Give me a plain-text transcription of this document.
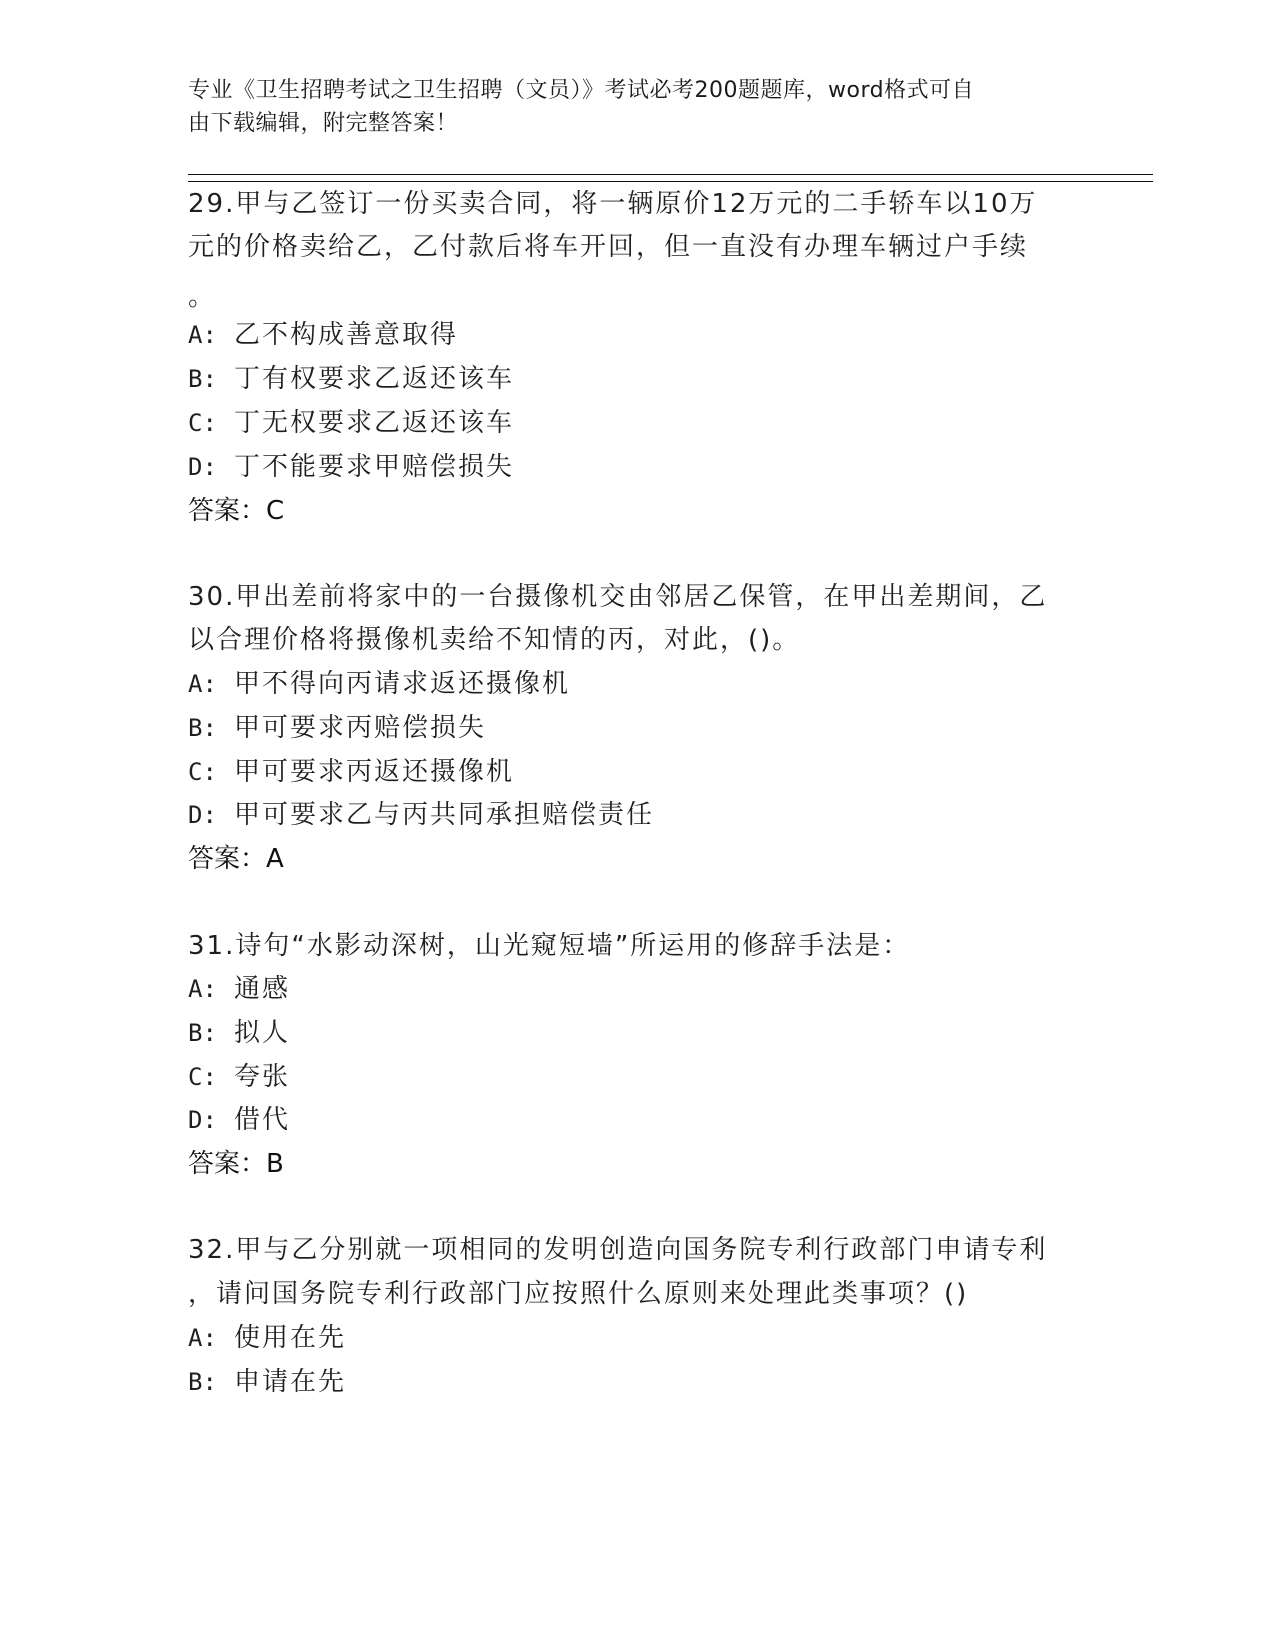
专业《卫生招聘考试之卫生招聘（文员）》考试必考200题题库，word格式可自
由下载编辑，附完整答案！
29.甲与乙签订一份买卖合同，将一辆原价12万元的二手轿车以10万
元的价格卖给乙，乙付款后将车开回，但一直没有办理车辆过户手续
。
A: 乙不构成善意取得
B: 丁有权要求乙返还该车
C: 丁无权要求乙返还该车
D: 丁不能要求甲赔偿损失
答案：C
30.甲出差前将家中的一台摄像机交由邻居乙保管，在甲出差期间，乙
以合理价格将摄像机卖给不知情的丙，对此，()。
A: 甲不得向丙请求返还摄像机
B: 甲可要求丙赔偿损失
C: 甲可要求丙返还摄像机
D: 甲可要求乙与丙共同承担赔偿责任
答案：A
31.诗句“水影动深树，山光窥短墙”所运用的修辞手法是：
A: 通感
B: 拟人
C: 夸张
D: 借代
答案：B
32.甲与乙分别就一项相同的发明创造向国务院专利行政部门申请专利
，请问国务院专利行政部门应按照什么原则来处理此类事项？()
A: 使用在先
B: 申请在先
